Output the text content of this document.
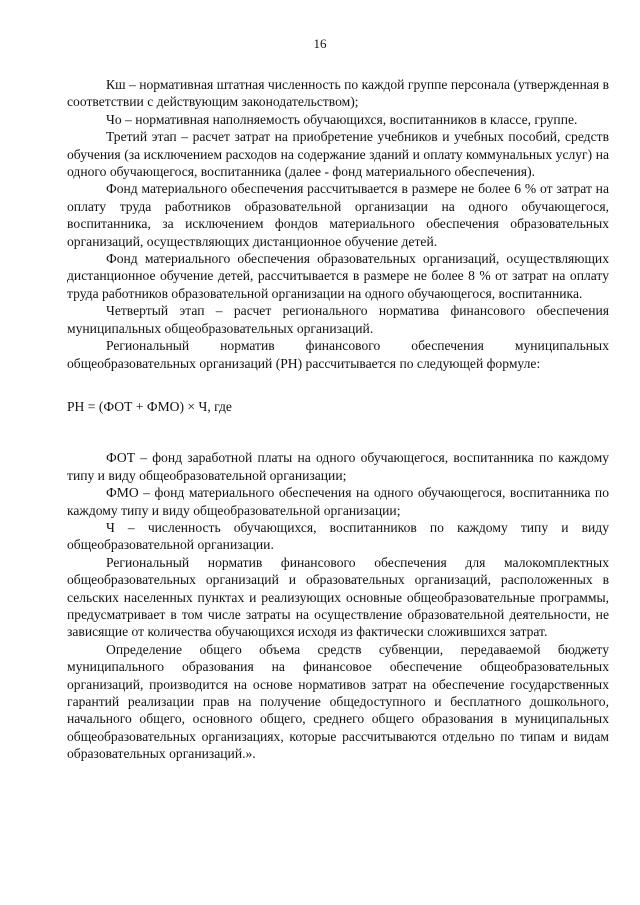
16

Кш – нормативная штатная численность по каждой группе персонала (утвержденная в соответствии с действующим законодательством);

Чо – нормативная наполняемость обучающихся, воспитанников в классе, группе.

Третий этап – расчет затрат на приобретение учебников и учебных пособий, средств обучения (за исключением расходов на содержание зданий и оплату коммунальных услуг) на одного обучающегося, воспитанника (далее - фонд материального обеспечения).

Фонд материального обеспечения рассчитывается в размере не более 6 % от затрат на оплату труда работников образовательной организации на одного обучающегося, воспитанника, за исключением фондов материального обеспечения образовательных организаций, осуществляющих дистанционное обучение детей.

Фонд материального обеспечения образовательных организаций, осуществляющих дистанционное обучение детей, рассчитывается в размере не более 8 % от затрат на оплату труда работников образовательной организации на одного обучающегося, воспитанника.

Четвертый этап – расчет регионального норматива финансового обеспечения муниципальных общеобразовательных организаций.

Региональный норматив финансового обеспечения муниципальных общеобразовательных организаций (РН) рассчитывается по следующей формуле:

РН = (ФОТ + ФМО) × Ч, где

ФОТ – фонд заработной платы на одного обучающегося, воспитанника по каждому типу и виду общеобразовательной организации;

ФМО – фонд материального обеспечения на одного обучающегося, воспитанника по каждому типу и виду общеобразовательной организации;

Ч – численность обучающихся, воспитанников по каждому типу и виду общеобразовательной организации.

Региональный норматив финансового обеспечения для малокомплектных общеобразовательных организаций и образовательных организаций, расположенных в сельских населенных пунктах и реализующих основные общеобразовательные программы, предусматривает в том числе затраты на осуществление образовательной деятельности, не зависящие от количества обучающихся исходя из фактически сложившихся затрат.

Определение общего объема средств субвенции, передаваемой бюджету муниципального образования на финансовое обеспечение общеобразовательных организаций, производится на основе нормативов затрат на обеспечение государственных гарантий реализации прав на получение общедоступного и бесплатного дошкольного, начального общего, основного общего, среднего общего образования в муниципальных общеобразовательных организациях, которые рассчитываются отдельно по типам и видам образовательных организаций.».
